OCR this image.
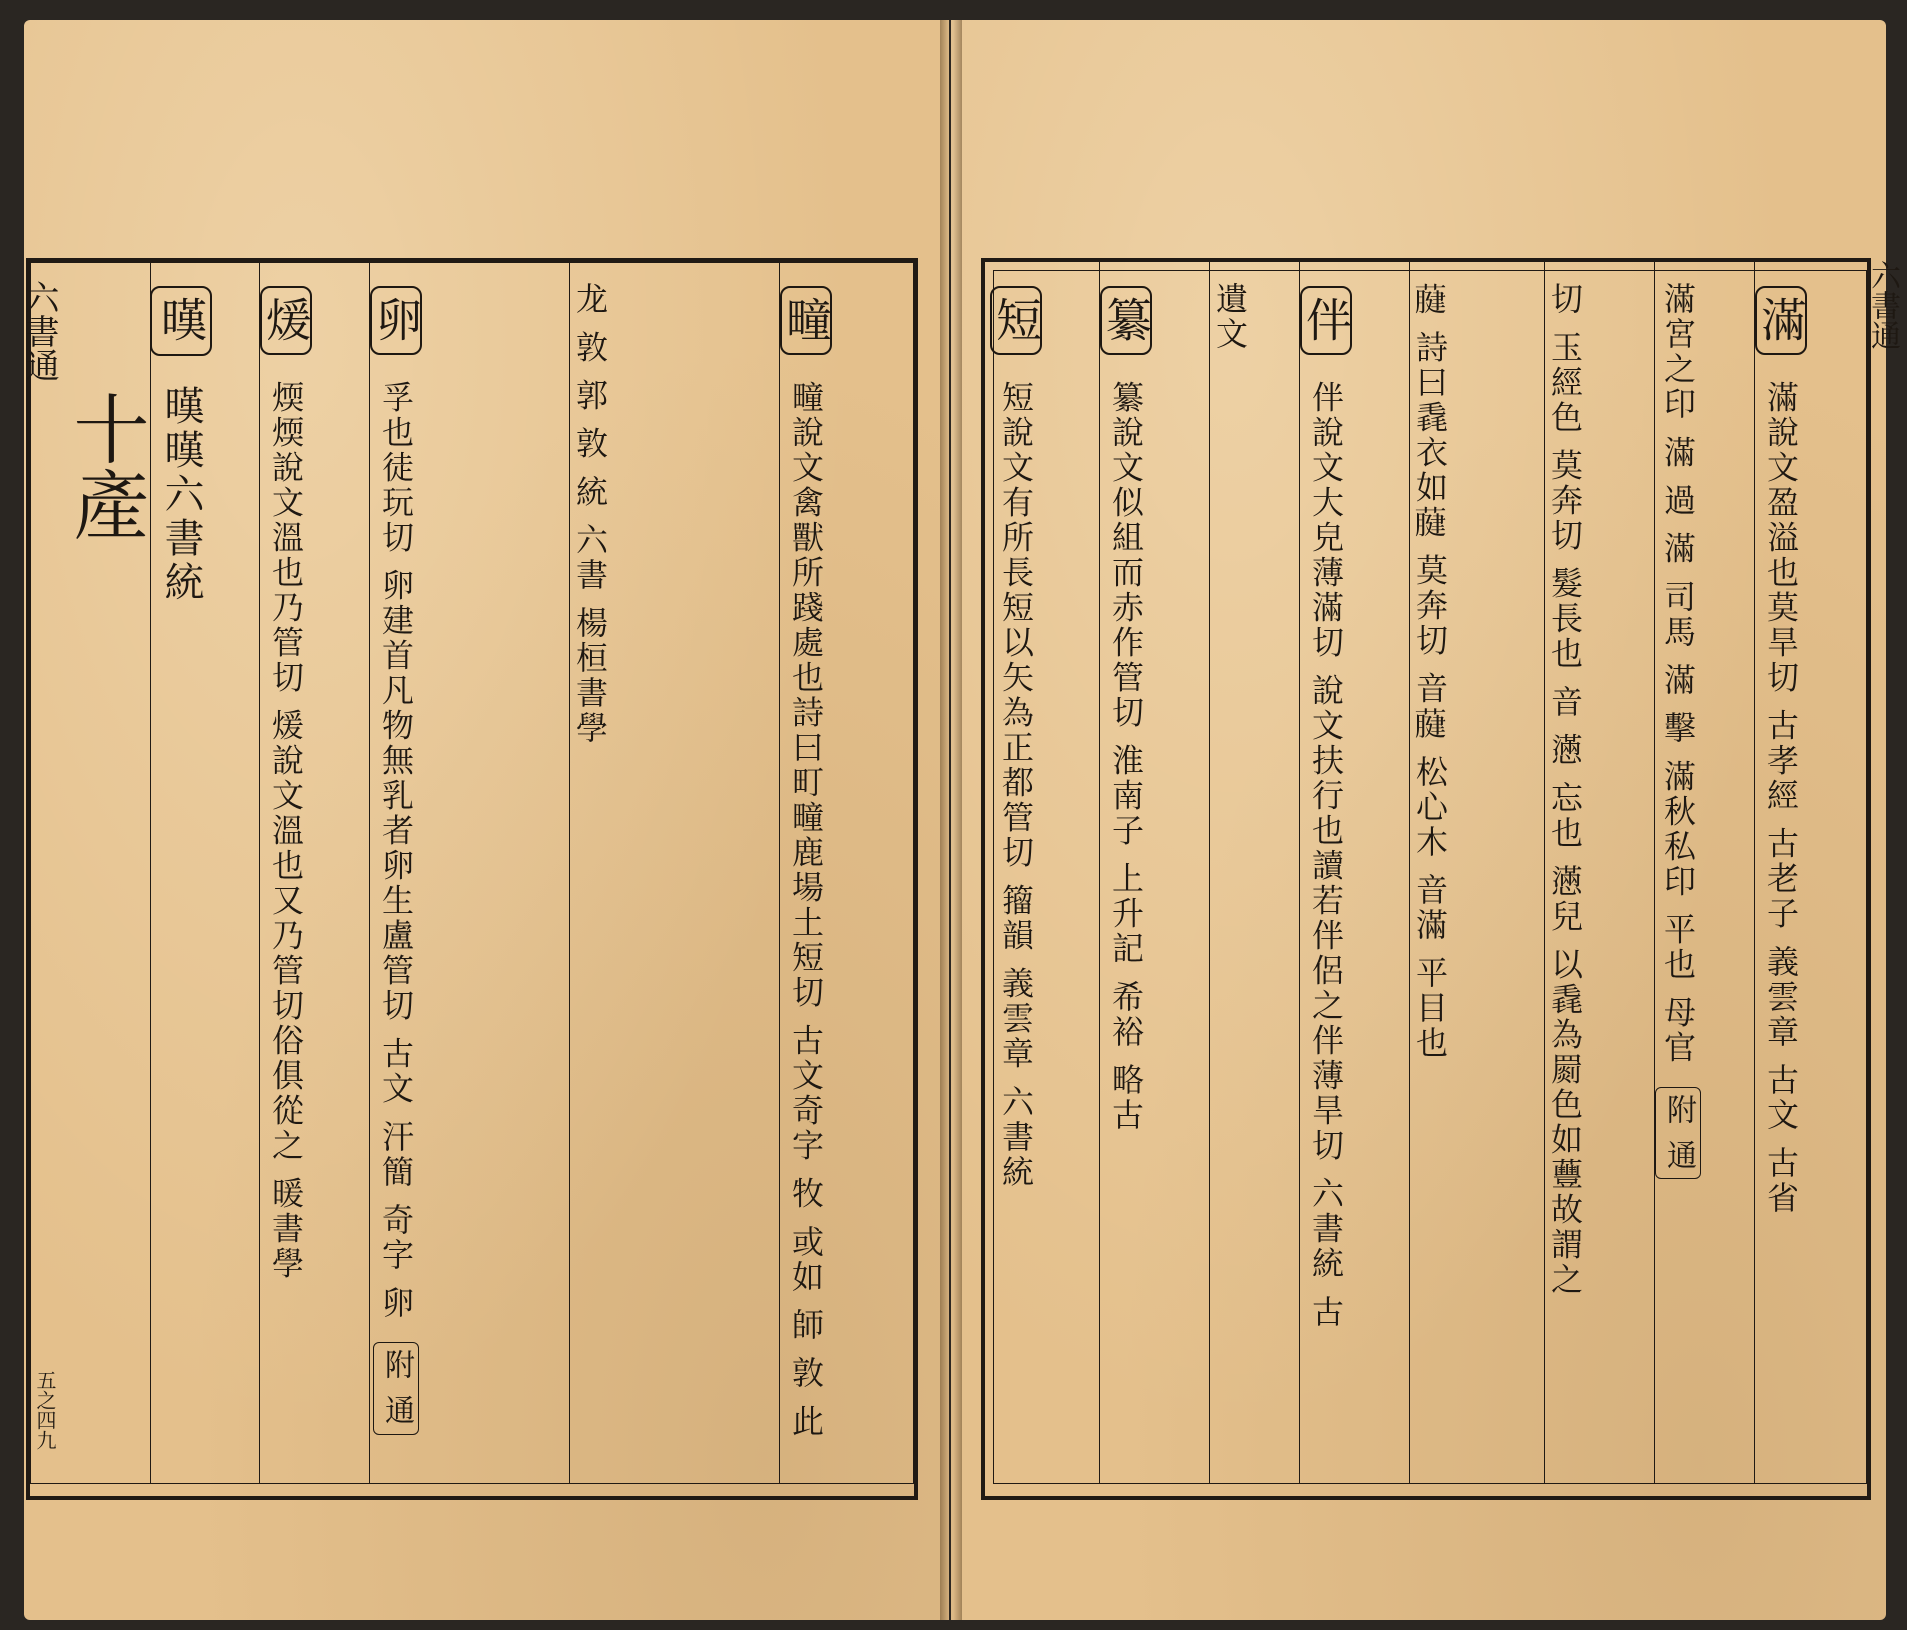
六書通
五之四九
十產
暵 暵暵六書統
煖 煗煗說文溫也乃管切 煖說文溫也又乃管切俗俱從之 暖書學
卵 孚也徒玩切 卵建首凡物無乳者卵生盧管切 古文 汗簡 奇字 卵 附 通
龙 敦 郭 敦 統 六書 楊桓書學	疃 疃說文禽獸所踐處也詩曰町疃鹿場土短切 古文奇字 牧 或如 師 敦 此
六書通
短 短說文有所長短以矢為正都管切 籀韻 義雲章 六書統
纂 纂說文似組而赤作管切 淮南子 上升記 希裕 略古
遺文 伴 伴說文大皃薄滿切 說文扶行也讀若伴侶之伴薄旱切 六書統 古 𦽇 詩曰毳衣如𦽇 莫奔切 音𦽇 松心木 音滿 平目也	切 玉經色 莫奔切 髮長也 音 懣 忘也 懣兒 以毳為罽色如蘴故謂之 滿宮之印 滿 過 滿 司馬 滿 擊 滿秋私印 平也 母官 附 通
滿 滿說文盈溢也莫旱切 古孝經 古老子 義雲章 古文 古省
